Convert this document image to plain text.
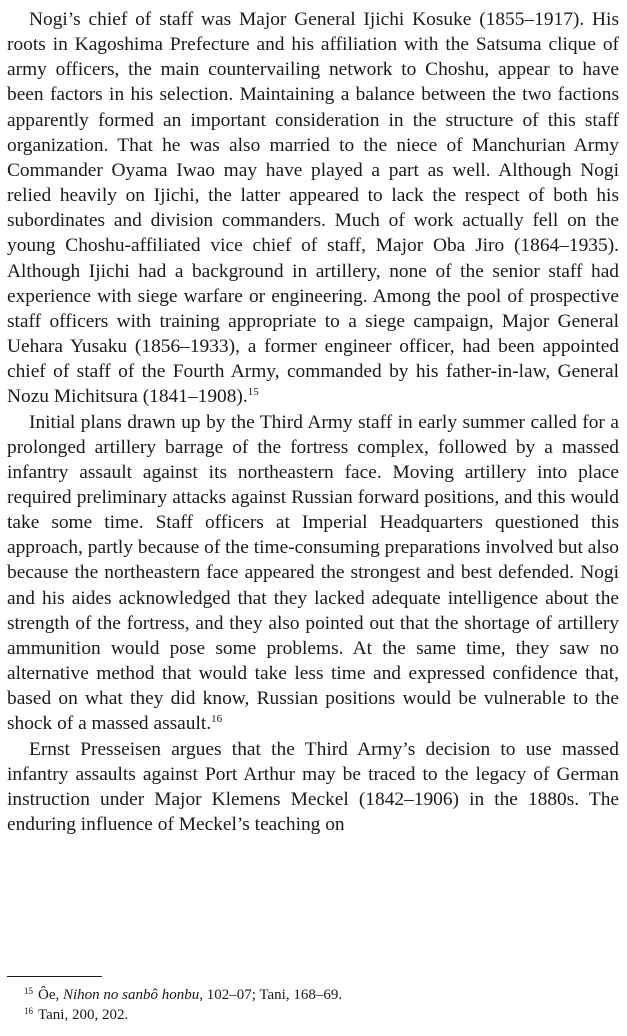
Nogi’s chief of staff was Major General Ijichi Kosuke (1855–1917). His roots in Kagoshima Prefecture and his affiliation with the Satsuma clique of army officers, the main countervailing network to Choshu, appear to have been factors in his selection. Maintaining a balance between the two factions apparently formed an important consideration in the structure of this staff organization. That he was also married to the niece of Manchurian Army Commander Oyama Iwao may have played a part as well. Although Nogi relied heavily on Ijichi, the latter appeared to lack the respect of both his subordinates and division commanders. Much of work actually fell on the young Choshu-affiliated vice chief of staff, Major Oba Jiro (1864–1935). Although Ijichi had a background in artillery, none of the senior staff had experience with siege warfare or engineering. Among the pool of prospective staff officers with training appropriate to a siege campaign, Major General Uehara Yusaku (1856–1933), a former engineer officer, had been appointed chief of staff of the Fourth Army, commanded by his father-in-law, General Nozu Michitsura (1841–1908).$^{15}$

Initial plans drawn up by the Third Army staff in early summer called for a prolonged artillery barrage of the fortress complex, followed by a massed infantry assault against its northeastern face. Moving artillery into place required preliminary attacks against Russian forward positions, and this would take some time. Staff officers at Imperial Headquarters questioned this approach, partly because of the time-consuming preparations involved but also because the northeastern face appeared the strongest and best defended. Nogi and his aides acknowledged that they lacked adequate intelligence about the strength of the fortress, and they also pointed out that the shortage of artillery ammunition would pose some problems. At the same time, they saw no alternative method that would take less time and expressed confidence that, based on what they did know, Russian positions would be vulnerable to the shock of a massed assault.$^{16}$

Ernst Presseisen argues that the Third Army’s decision to use massed infantry assaults against Port Arthur may be traced to the legacy of German instruction under Major Klemens Meckel (1842–1906) in the 1880s. The enduring influence of Meckel’s teaching on

$^{15}$ Ôe, Nihon no sanbô honbu, 102–07; Tani, 168–69.

$^{16}$ Tani, 200, 202.
